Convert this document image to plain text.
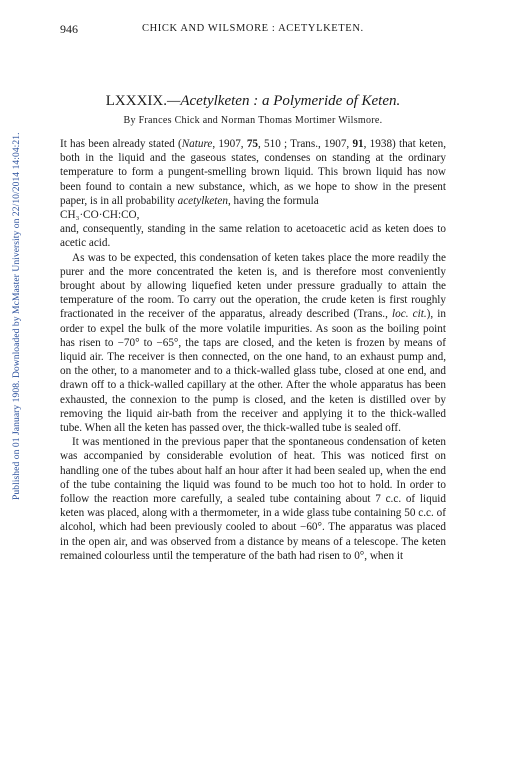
Published on 01 January 1908. Downloaded by McMaster University on 22/10/2014 14:04:21.
946	CHICK AND WILSMORE : ACETYLKETEN.
LXXXIX.—Acetylketen : a Polymeride of Keten.
By Frances Chick and Norman Thomas Mortimer Wilsmore.

It has been already stated (Nature, 1907, 75, 510 ; Trans., 1907, 91, 1938) that keten, both in the liquid and the gaseous states, condenses on standing at the ordinary temperature to form a pungent-smelling brown liquid. This brown liquid has now been found to contain a new substance, which, as we hope to show in the present paper, is in all probability acetylketen, having the formula

CH₃·CO·CH:CO,

and, consequently, standing in the same relation to acetoacetic acid as keten does to acetic acid.

As was to be expected, this condensation of keten takes place the more readily the purer and the more concentrated the keten is, and is therefore most conveniently brought about by allowing liquefied keten under pressure gradually to attain the temperature of the room. To carry out the operation, the crude keten is first roughly fractionated in the receiver of the apparatus, already described (Trans., loc. cit.), in order to expel the bulk of the more volatile impurities. As soon as the boiling point has risen to −70° to −65°, the taps are closed, and the keten is frozen by means of liquid air. The receiver is then connected, on the one hand, to an exhaust pump and, on the other, to a manometer and to a thick-walled glass tube, closed at one end, and drawn off to a thick-walled capillary at the other. After the whole apparatus has been exhausted, the connexion to the pump is closed, and the keten is distilled over by removing the liquid air-bath from the receiver and applying it to the thick-walled tube. When all the keten has passed over, the thick-walled tube is sealed off.

It was mentioned in the previous paper that the spontaneous condensation of keten was accompanied by considerable evolution of heat. This was noticed first on handling one of the tubes about half an hour after it had been sealed up, when the end of the tube containing the liquid was found to be much too hot to hold. In order to follow the reaction more carefully, a sealed tube containing about 7 c.c. of liquid keten was placed, along with a thermometer, in a wide glass tube containing 50 c.c. of alcohol, which had been previously cooled to about −60°. The apparatus was placed in the open air, and was observed from a distance by means of a telescope. The keten remained colourless until the temperature of the bath had risen to 0°, when it
